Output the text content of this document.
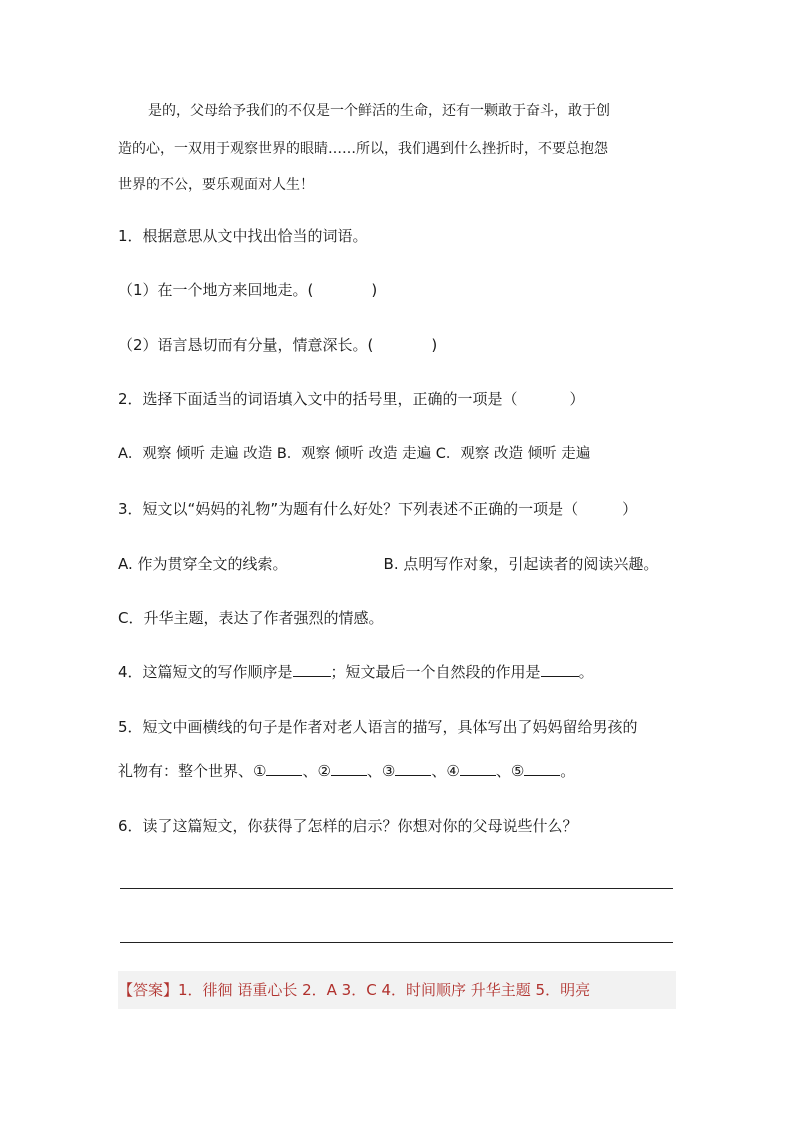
是的，父母给予我们的不仅是一个鲜活的生命，还有一颗敢于奋斗，敢于创
造的心，一双用于观察世界的眼睛……所以，我们遇到什么挫折时，不要总抱怨
世界的不公，要乐观面对人生！
1．根据意思从文中找出恰当的词语。
（1）在一个地方来回地走。(	)
（2）语言恳切而有分量，情意深长。(	)
2．选择下面适当的词语填入文中的括号里，正确的一项是（	）
A．观察 倾听 走遍 改造 B．观察 倾听 改造 走遍 C．观察 改造 倾听 走遍
3．短文以“妈妈的礼物”为题有什么好处？下列表述不正确的一项是（	）
A. 作为贯穿全文的线索。	B. 点明写作对象，引起读者的阅读兴趣。
C．升华主题，表达了作者强烈的情感。
4．这篇短文的写作顺序是	；短文最后一个自然段的作用是	。
5．短文中画横线的句子是作者对老人语言的描写，具体写出了妈妈留给男孩的
礼物有：整个世界、① 、② 、③ 、④ 、⑤ 。
6．读了这篇短文，你获得了怎样的启示？你想对你的父母说些什么？
【答案】1．徘徊 语重心长 2．A 3．C 4．时间顺序 升华主题 5．明亮
